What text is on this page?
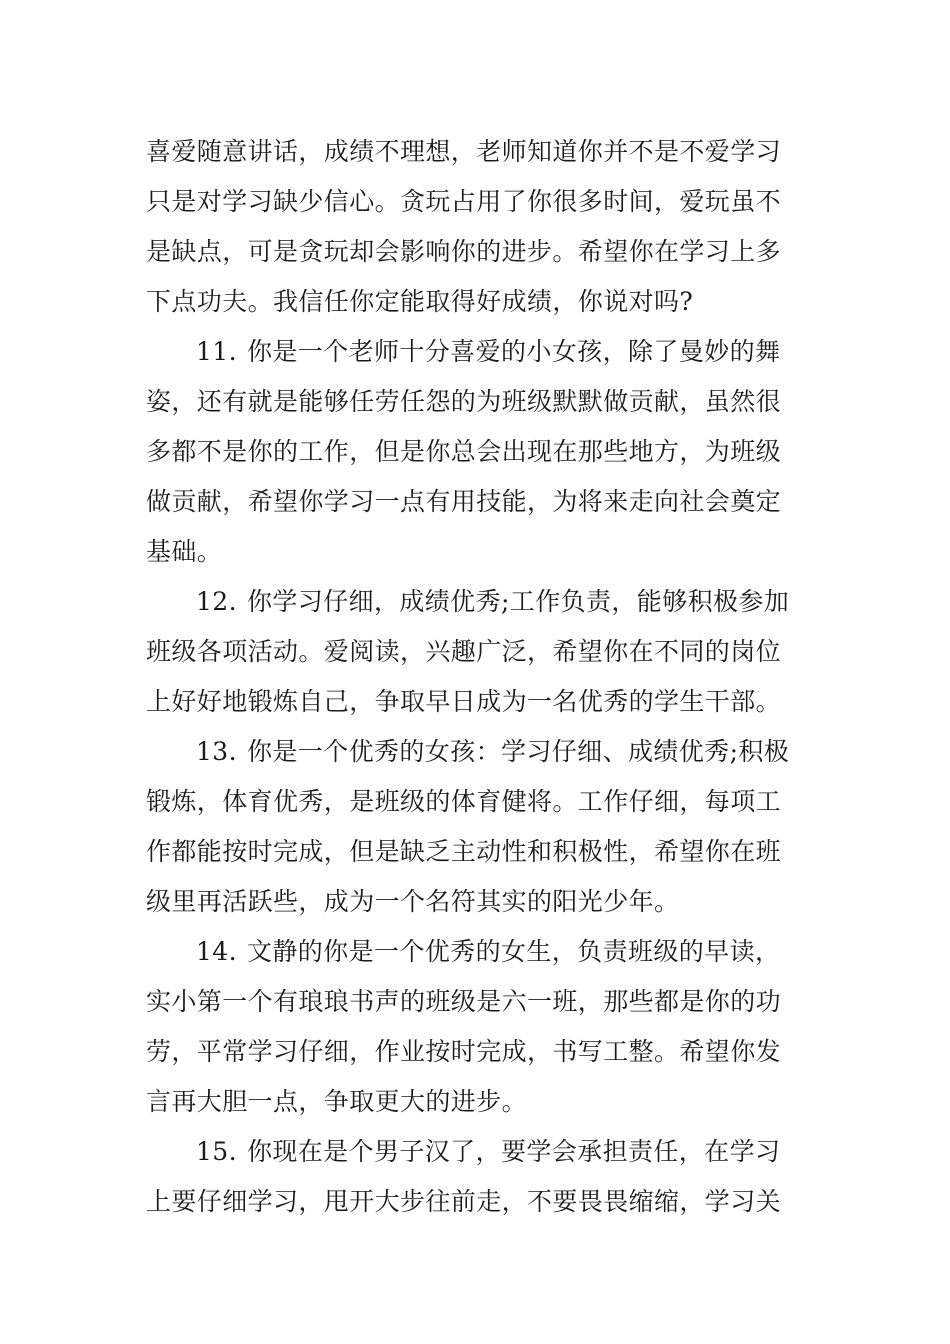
喜爱随意讲话，成绩不理想，老师知道你并不是不爱学习
只是对学习缺少信心。贪玩占用了你很多时间，爱玩虽不
是缺点，可是贪玩却会影响你的进步。希望你在学习上多
下点功夫。我信任你定能取得好成绩，你说对吗?
11. 你是一个老师十分喜爱的小女孩，除了曼妙的舞
姿，还有就是能够任劳任怨的为班级默默做贡献，虽然很
多都不是你的工作，但是你总会出现在那些地方，为班级
做贡献，希望你学习一点有用技能，为将来走向社会奠定
基础。
12. 你学习仔细，成绩优秀;工作负责，能够积极参加
班级各项活动。爱阅读，兴趣广泛，希望你在不同的岗位
上好好地锻炼自己，争取早日成为一名优秀的学生干部。
13. 你是一个优秀的女孩：学习仔细、成绩优秀;积极
锻炼，体育优秀，是班级的体育健将。工作仔细，每项工
作都能按时完成，但是缺乏主动性和积极性，希望你在班
级里再活跃些，成为一个名符其实的阳光少年。
14. 文静的你是一个优秀的女生，负责班级的早读，
实小第一个有琅琅书声的班级是六一班，那些都是你的功
劳，平常学习仔细，作业按时完成，书写工整。希望你发
言再大胆一点，争取更大的进步。
15. 你现在是个男子汉了，要学会承担责任，在学习
上要仔细学习，甩开大步往前走，不要畏畏缩缩，学习关
